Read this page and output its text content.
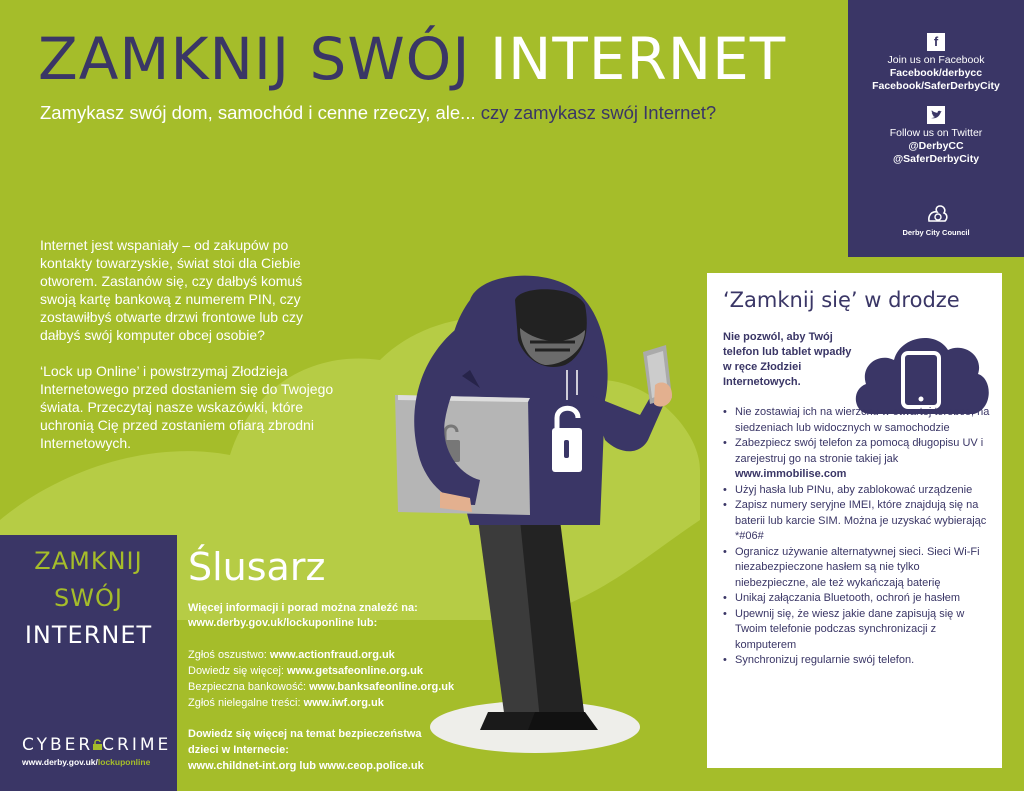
ZAMKNIJ SWÓJ INTERNET
Zamykasz swój dom, samochód i cenne rzeczy, ale... czy zamykasz swój Internet?
f
Join us on Facebook
Facebook/derbycc
Facebook/SaferDerbyCity
Follow us on Twitter
@DerbyCC
@SaferDerbyCity
Derby City Council

Internet jest wspaniały – od zakupów po kontakty towarzyskie, świat stoi dla Ciebie otworem. Zastanów się, czy dałbyś komuś swoją kartę bankową z numerem PIN, czy zostawiłbyś otwarte drzwi frontowe lub czy dałbyś swój komputer obcej osobie?

‘Lock up Online’ i powstrzymaj Złodzieja Internetowego przed dostaniem się do Twojego świata. Przeczytaj nasze wskazówki, które uchronią Cię przed zostaniem ofiarą zbrodni Internetowych.

ZAMKNIJ
SWÓJ
INTERNET
CYBER CRIME
www.derby.gov.uk/lockuponline
Ślusarz
Więcej informacji i porad można znaleźć na:
www.derby.gov.uk/lockuponline lub:
Zgłoś oszustwo: www.actionfraud.org.uk
Dowiedz się więcej: www.getsafeonline.org.uk
Bezpieczna bankowość: www.banksafeonline.org.uk
Zgłoś nielegalne treści: www.iwf.org.uk
Dowiedz się więcej na temat bezpieczeństwa
dzieci w Internecie:
www.childnet-int.org lub www.ceop.police.uk
‘Zamknij się’ w drodze
Nie pozwól, aby Twój telefon lub tablet wpadły w ręce Złodziei Internetowych.
• Nie zostawiaj ich na wierzchu w otwartej torebce, na siedzeniach lub widocznych w samochodzie
• Zabezpiecz swój telefon za pomocą długopisu UV i zarejestruj go na stronie takiej jak www.immobilise.com
• Użyj hasła lub PINu, aby zablokować urządzenie
• Zapisz numery seryjne IMEI, które znajdują się na baterii lub karcie SIM. Można je uzyskać wybierając *#06#
• Ogranicz używanie alternatywnej sieci. Sieci Wi-Fi niezabezpieczone hasłem są nie tylko niebezpieczne, ale też wykańczają baterię
• Unikaj załączania Bluetooth, ochroń je hasłem
• Upewnij się, że wiesz jakie dane zapisują się w Twoim telefonie podczas synchronizacji z komputerem
• Synchronizuj regularnie swój telefon.
